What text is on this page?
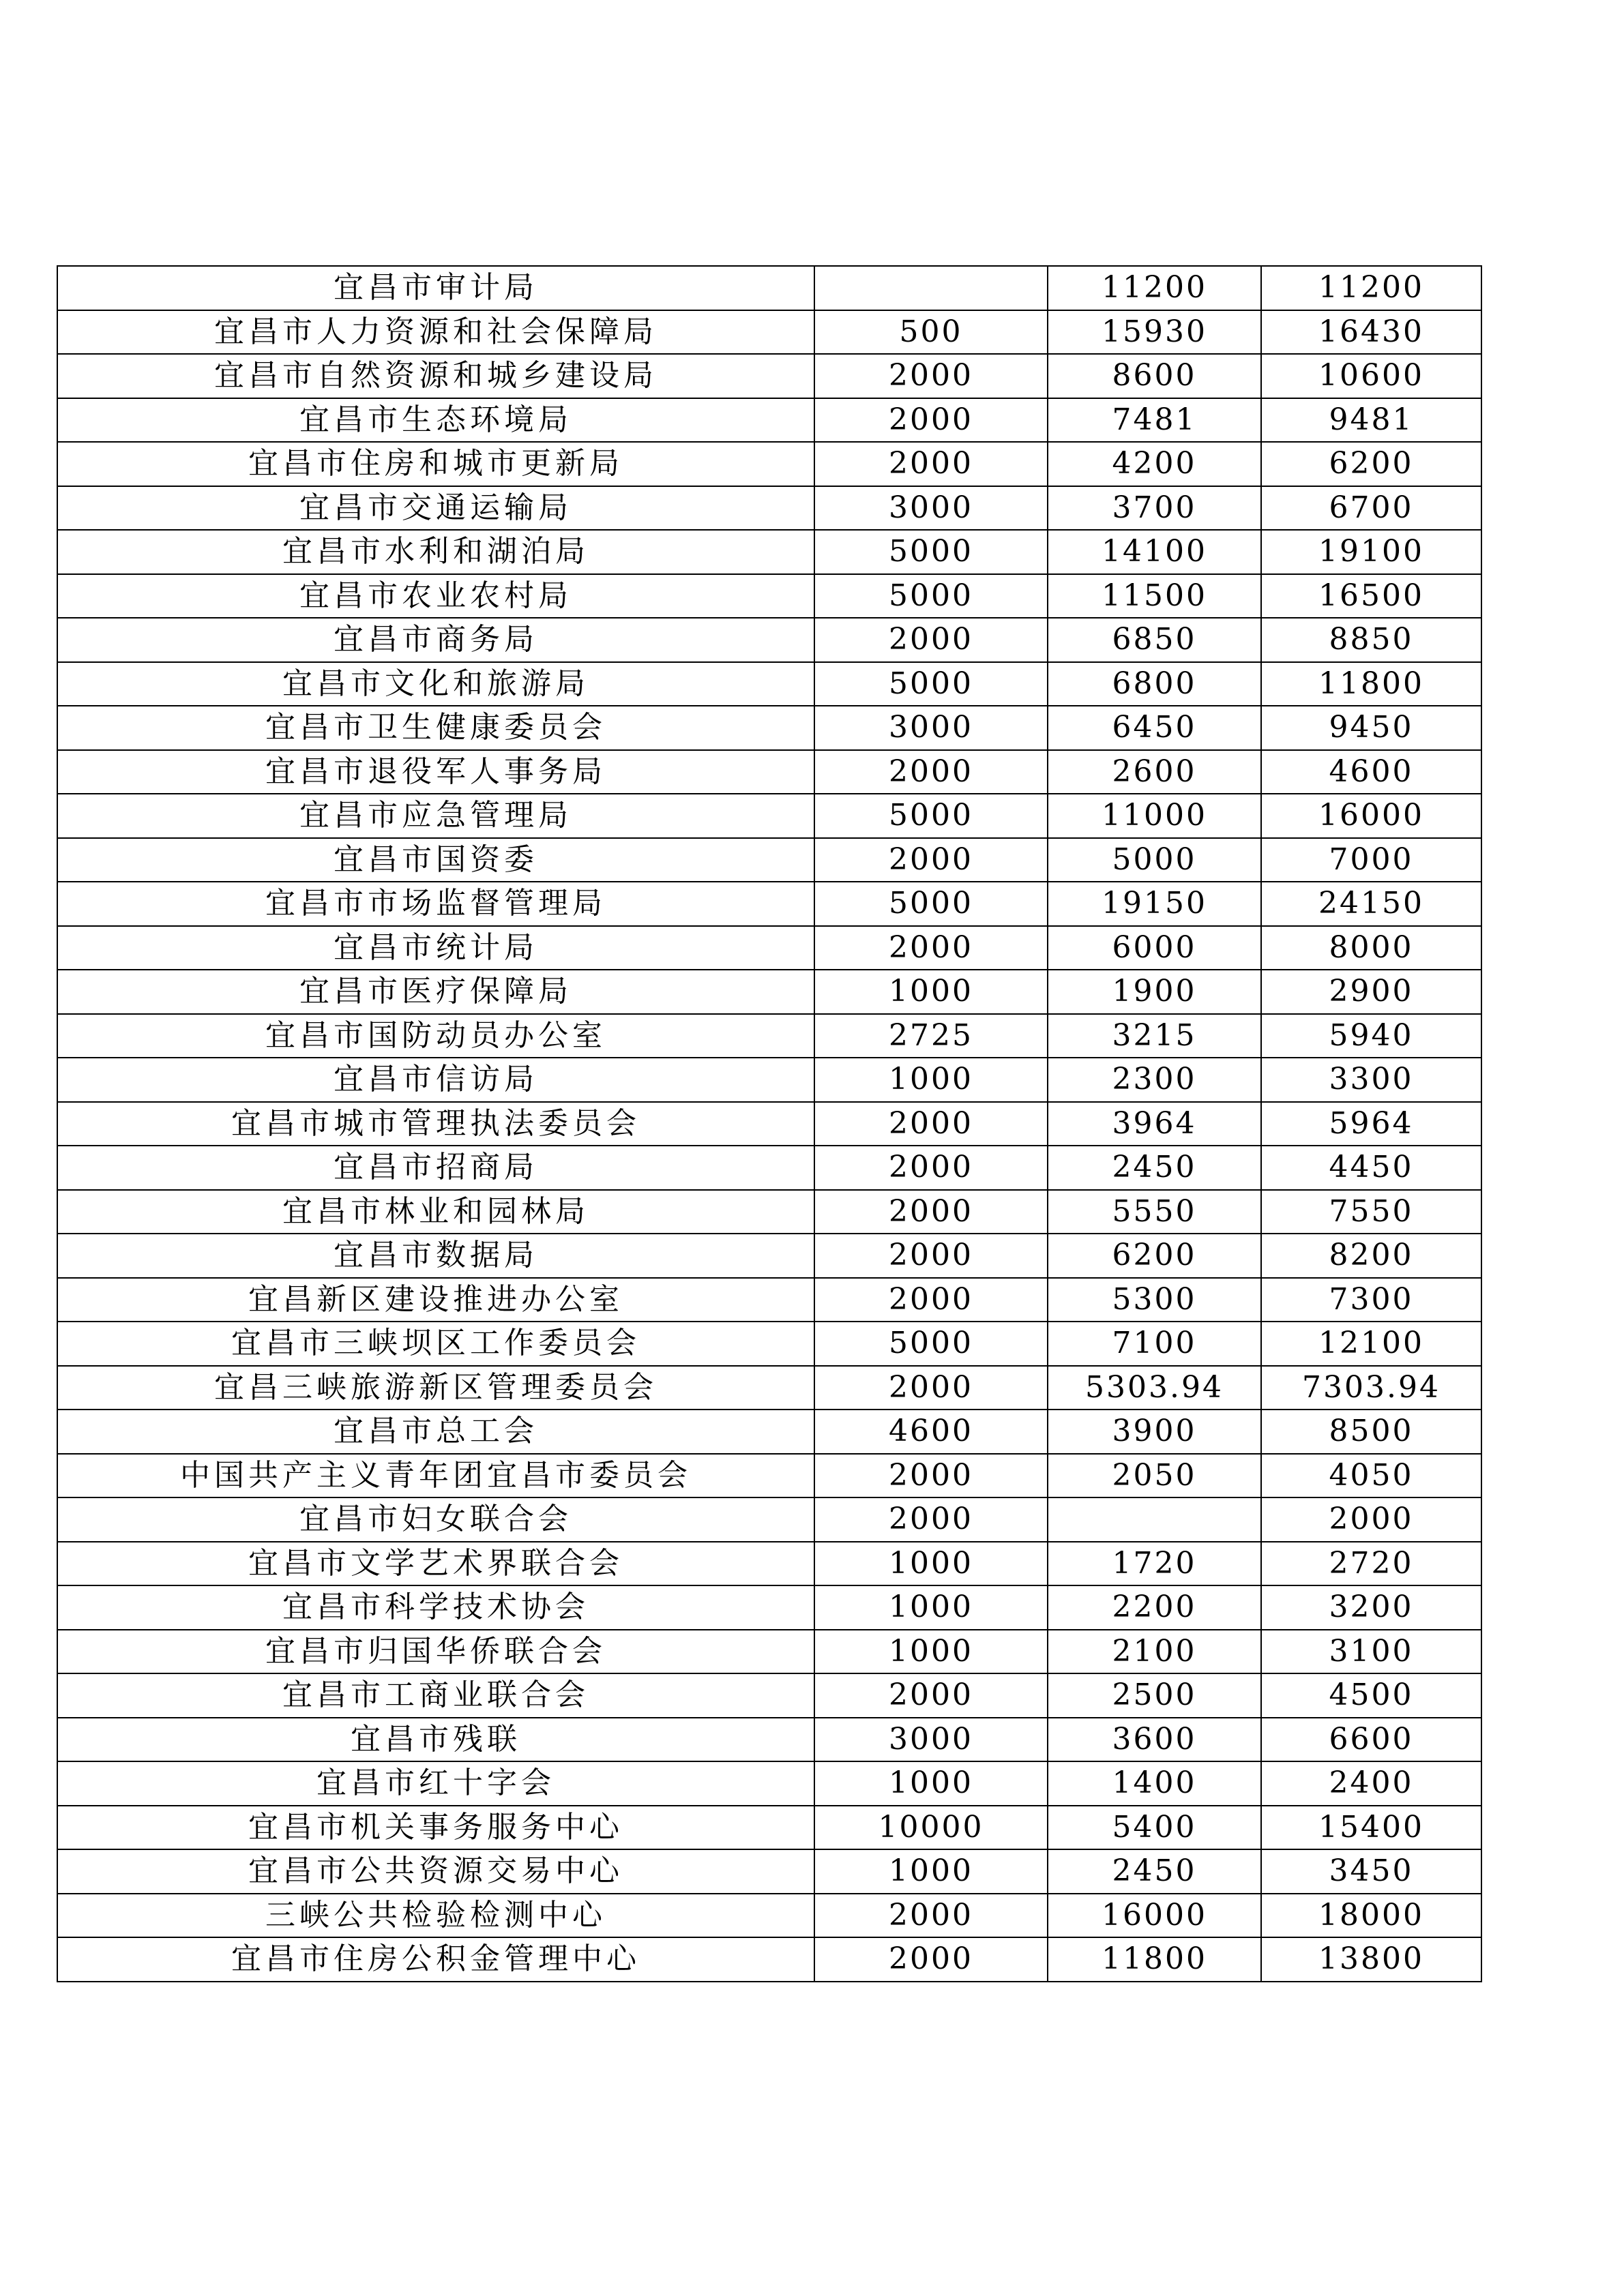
宜昌市审计局		11200	11200
宜昌市人力资源和社会保障局	500	15930	16430
宜昌市自然资源和城乡建设局	2000	8600	10600
宜昌市生态环境局	2000	7481	9481
宜昌市住房和城市更新局	2000	4200	6200
宜昌市交通运输局	3000	3700	6700
宜昌市水利和湖泊局	5000	14100	19100
宜昌市农业农村局	5000	11500	16500
宜昌市商务局	2000	6850	8850
宜昌市文化和旅游局	5000	6800	11800
宜昌市卫生健康委员会	3000	6450	9450
宜昌市退役军人事务局	2000	2600	4600
宜昌市应急管理局	5000	11000	16000
宜昌市国资委	2000	5000	7000
宜昌市市场监督管理局	5000	19150	24150
宜昌市统计局	2000	6000	8000
宜昌市医疗保障局	1000	1900	2900
宜昌市国防动员办公室	2725	3215	5940
宜昌市信访局	1000	2300	3300
宜昌市城市管理执法委员会	2000	3964	5964
宜昌市招商局	2000	2450	4450
宜昌市林业和园林局	2000	5550	7550
宜昌市数据局	2000	6200	8200
宜昌新区建设推进办公室	2000	5300	7300
宜昌市三峡坝区工作委员会	5000	7100	12100
宜昌三峡旅游新区管理委员会	2000	5303.94	7303.94
宜昌市总工会	4600	3900	8500
中国共产主义青年团宜昌市委员会	2000	2050	4050
宜昌市妇女联合会	2000		2000
宜昌市文学艺术界联合会	1000	1720	2720
宜昌市科学技术协会	1000	2200	3200
宜昌市归国华侨联合会	1000	2100	3100
宜昌市工商业联合会	2000	2500	4500
宜昌市残联	3000	3600	6600
宜昌市红十字会	1000	1400	2400
宜昌市机关事务服务中心	10000	5400	15400
宜昌市公共资源交易中心	1000	2450	3450
三峡公共检验检测中心	2000	16000	18000
宜昌市住房公积金管理中心	2000	11800	13800
